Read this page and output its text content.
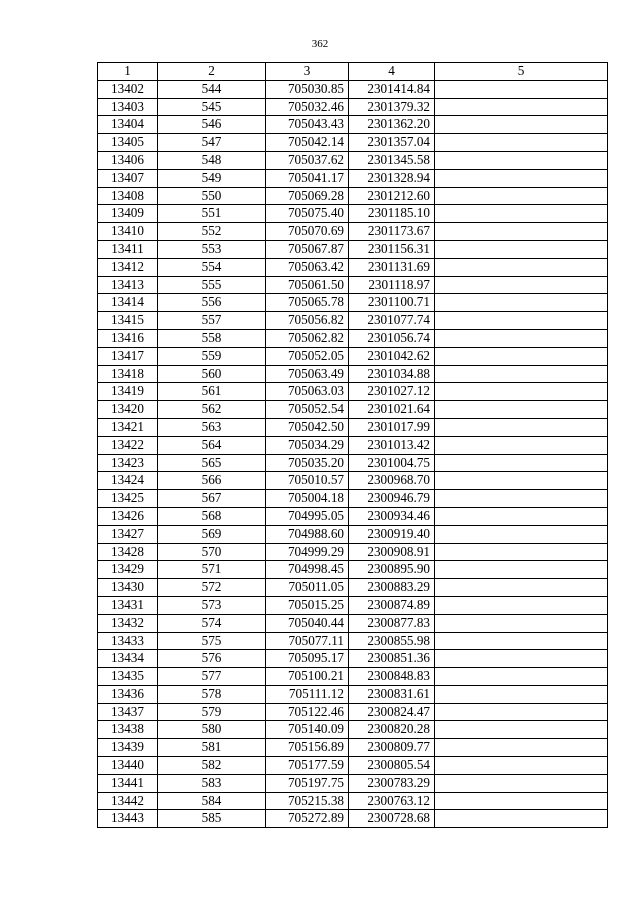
362
1	2	3	4	5
13402	544	705030.85	2301414.84	
13403	545	705032.46	2301379.32	
13404	546	705043.43	2301362.20	
13405	547	705042.14	2301357.04	
13406	548	705037.62	2301345.58	
13407	549	705041.17	2301328.94	
13408	550	705069.28	2301212.60	
13409	551	705075.40	2301185.10	
13410	552	705070.69	2301173.67	
13411	553	705067.87	2301156.31	
13412	554	705063.42	2301131.69	
13413	555	705061.50	2301118.97	
13414	556	705065.78	2301100.71	
13415	557	705056.82	2301077.74	
13416	558	705062.82	2301056.74	
13417	559	705052.05	2301042.62	
13418	560	705063.49	2301034.88	
13419	561	705063.03	2301027.12	
13420	562	705052.54	2301021.64	
13421	563	705042.50	2301017.99	
13422	564	705034.29	2301013.42	
13423	565	705035.20	2301004.75	
13424	566	705010.57	2300968.70	
13425	567	705004.18	2300946.79	
13426	568	704995.05	2300934.46	
13427	569	704988.60	2300919.40	
13428	570	704999.29	2300908.91	
13429	571	704998.45	2300895.90	
13430	572	705011.05	2300883.29	
13431	573	705015.25	2300874.89	
13432	574	705040.44	2300877.83	
13433	575	705077.11	2300855.98	
13434	576	705095.17	2300851.36	
13435	577	705100.21	2300848.83	
13436	578	705111.12	2300831.61	
13437	579	705122.46	2300824.47	
13438	580	705140.09	2300820.28	
13439	581	705156.89	2300809.77	
13440	582	705177.59	2300805.54	
13441	583	705197.75	2300783.29	
13442	584	705215.38	2300763.12	
13443	585	705272.89	2300728.68	
